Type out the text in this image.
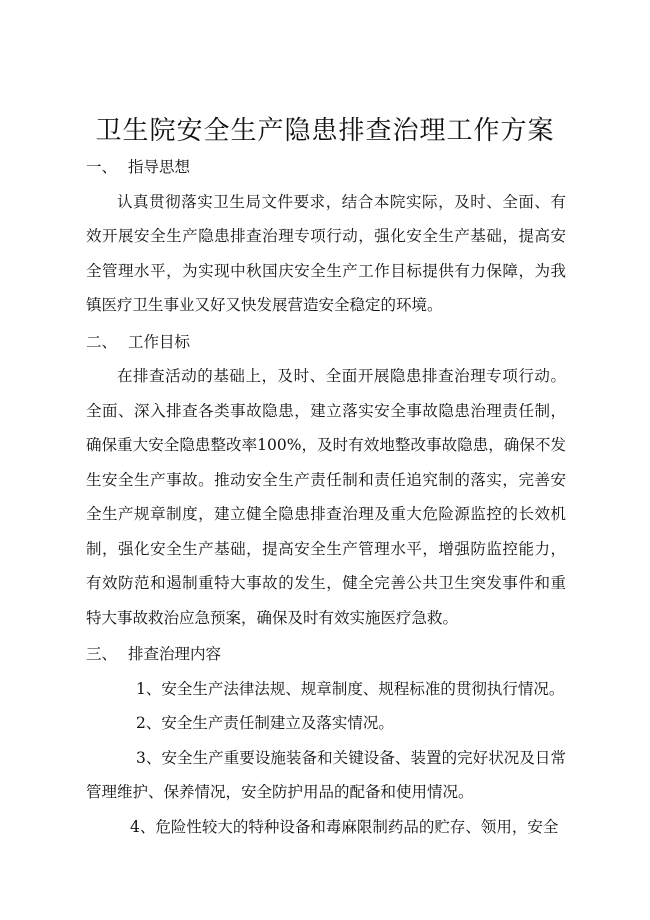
卫生院安全生产隐患排查治理工作方案

一、 指导思想

认真贯彻落实卫生局文件要求，结合本院实际，及时、全面、有效开展安全生产隐患排查治理专项行动，强化安全生产基础，提高安全管理水平，为实现中秋国庆安全生产工作目标提供有力保障，为我镇医疗卫生事业又好又快发展营造安全稳定的环境。

二、 工作目标

在排查活动的基础上，及时、全面开展隐患排查治理专项行动。全面、深入排查各类事故隐患，建立落实安全事故隐患治理责任制，确保重大安全隐患整改率100%，及时有效地整改事故隐患，确保不发生安全生产事故。推动安全生产责任制和责任追究制的落实，完善安全生产规章制度，建立健全隐患排查治理及重大危险源监控的长效机制，强化安全生产基础，提高安全生产管理水平，增强防监控能力，有效防范和遏制重特大事故的发生，健全完善公共卫生突发事件和重特大事故救治应急预案，确保及时有效实施医疗急救。

三、 排查治理内容

1、安全生产法律法规、规章制度、规程标准的贯彻执行情况。

2、安全生产责任制建立及落实情况。

3、安全生产重要设施装备和关键设备、装置的完好状况及日常管理维护、保养情况，安全防护用品的配备和使用情况。

4、危险性较大的特种设备和毒麻限制药品的贮存、领用，安全
